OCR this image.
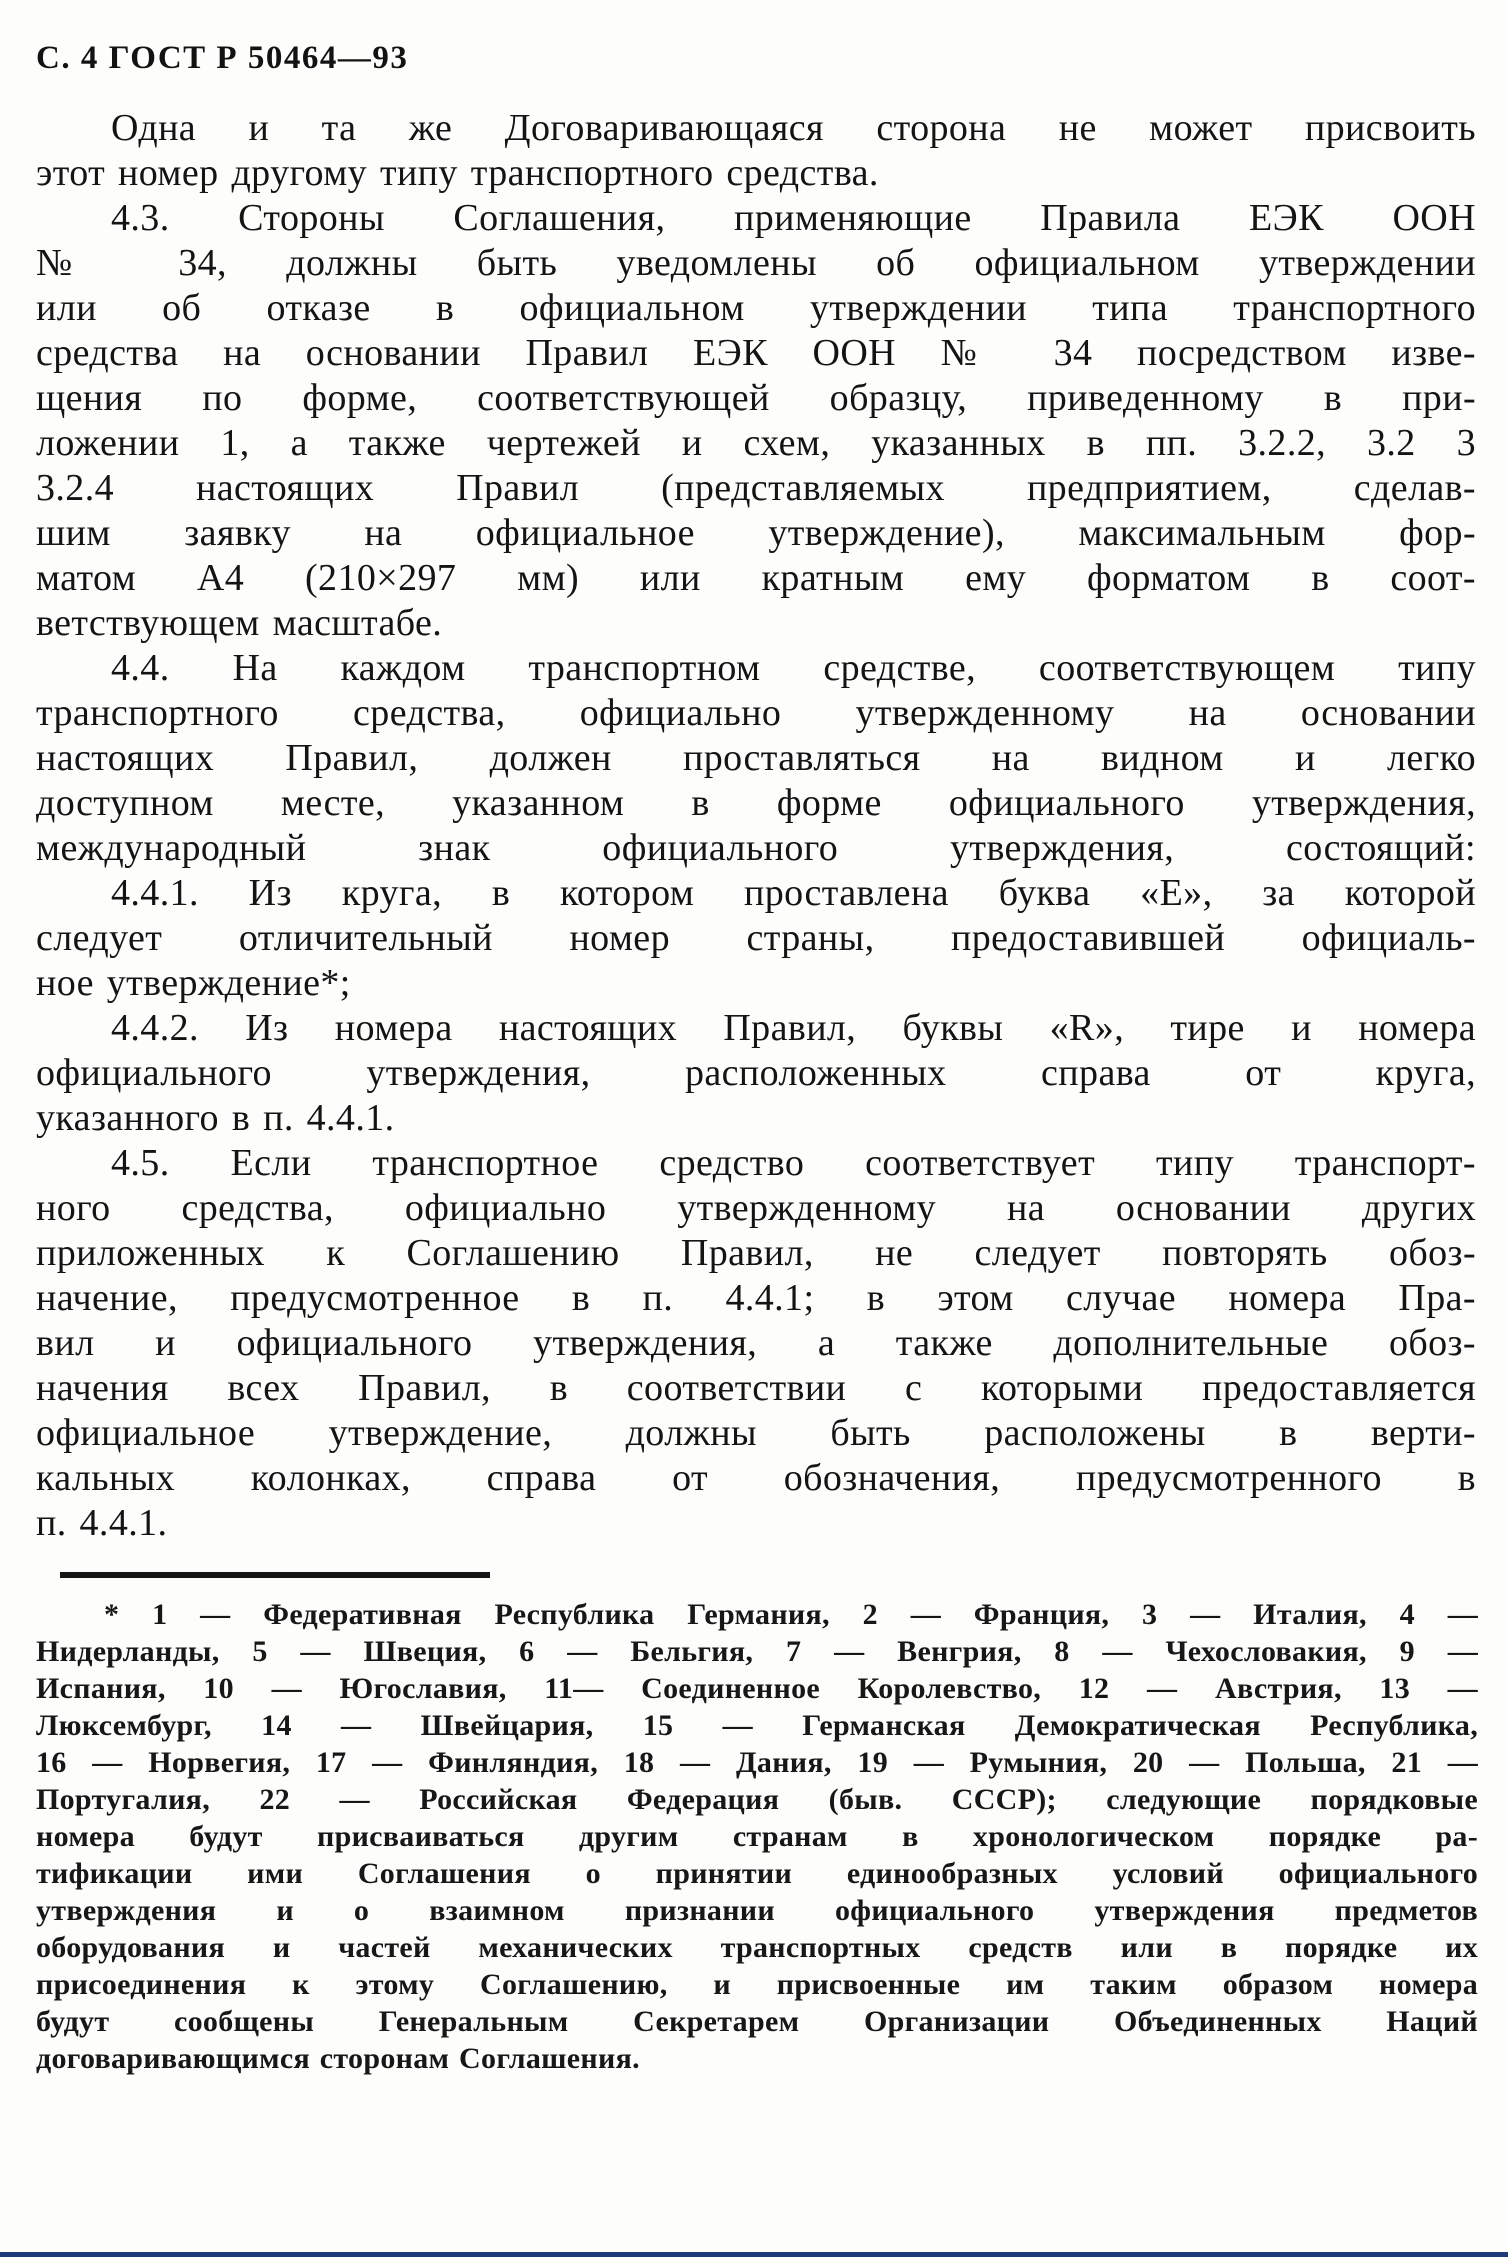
С. 4 ГОСТ Р 50464—93
Одна и та же Договаривающаяся сторона не может присвоить
этот номер другому типу транспортного средства.
4.3. Стороны Соглашения, применяющие Правила ЕЭК ООН
№ 34, должны быть уведомлены об официальном утверждении
или об отказе в официальном утверждении типа транспортного
средства на основании Правил ЕЭК ООН № 34 посредством изве-
щения по форме, соответствующей образцу, приведенному в при-
ложении 1, а также чертежей и схем, указанных в пп. 3.2.2, 3.2 3
3.2.4 настоящих Правил (представляемых предприятием, сделав-
шим заявку на официальное утверждение), максимальным фор-
матом А4 (210×297 мм) или кратным ему форматом в соот-
ветствующем масштабе.
4.4. На каждом транспортном средстве, соответствующем типу
транспортного средства, официально утвержденному на основании
настоящих Правил, должен проставляться на видном и легко
доступном месте, указанном в форме официального утверждения,
международный знак официального утверждения, состоящий:
4.4.1. Из круга, в котором проставлена буква «Е», за которой
следует отличительный номер страны, предоставившей официаль-
ное утверждение*;
4.4.2. Из номера настоящих Правил, буквы «R», тире и номера
официального утверждения, расположенных справа от круга,
указанного в п. 4.4.1.
4.5. Если транспортное средство соответствует типу транспорт-
ного средства, официально утвержденному на основании других
приложенных к Соглашению Правил, не следует повторять обоз-
начение, предусмотренное в п. 4.4.1; в этом случае номера Пра-
вил и официального утверждения, а также дополнительные обоз-
начения всех Правил, в соответствии с которыми предоставляется
официальное утверждение, должны быть расположены в верти-
кальных колонках, справа от обозначения, предусмотренного в
п. 4.4.1.
* 1 — Федеративная Республика Германия, 2 — Франция, 3 — Италия, 4 —
Нидерланды, 5 — Швеция, 6 — Бельгия, 7 — Венгрия, 8 — Чехословакия, 9 —
Испания, 10 — Югославия, 11— Соединенное Королевство, 12 — Австрия, 13 —
Люксембург, 14 — Швейцария, 15 — Германская Демократическая Республика,
16 — Норвегия, 17 — Финляндия, 18 — Дания, 19 — Румыния, 20 — Польша, 21 —
Португалия, 22 — Российская Федерация (быв. СССР); следующие порядковые
номера будут присваиваться другим странам в хронологическом порядке ра-
тификации ими Соглашения о принятии единообразных условий официального
утверждения и о взаимном признании официального утверждения предметов
оборудования и частей механических транспортных средств или в порядке их
присоединения к этому Соглашению, и присвоенные им таким образом номера
будут сообщены Генеральным Секретарем Организации Объединенных Наций
договаривающимся сторонам Соглашения.
